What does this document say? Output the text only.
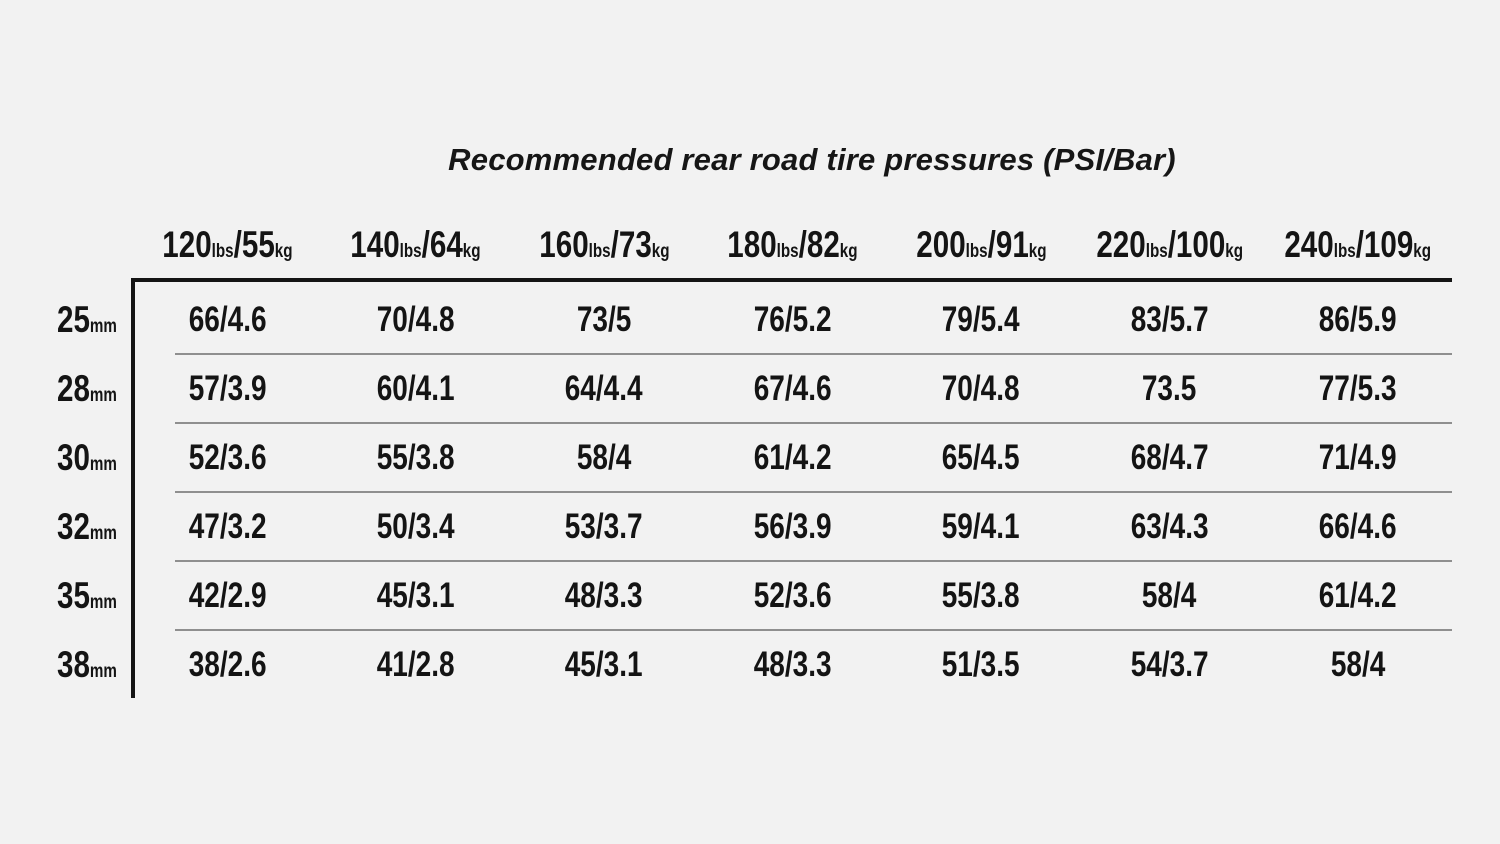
Recommended rear road tire pressures (PSI/Bar)
120lbs/55kg	140lbs/64kg	160lbs/73kg	180lbs/82kg	200lbs/91kg	220lbs/100kg	240lbs/109kg
25mm	66/4.6	70/4.8	73/5	76/5.2	79/5.4	83/5.7	86/5.9
28mm	57/3.9	60/4.1	64/4.4	67/4.6	70/4.8	73.5	77/5.3
30mm	52/3.6	55/3.8	58/4	61/4.2	65/4.5	68/4.7	71/4.9
32mm	47/3.2	50/3.4	53/3.7	56/3.9	59/4.1	63/4.3	66/4.6
35mm	42/2.9	45/3.1	48/3.3	52/3.6	55/3.8	58/4	61/4.2
38mm	38/2.6	41/2.8	45/3.1	48/3.3	51/3.5	54/3.7	58/4
